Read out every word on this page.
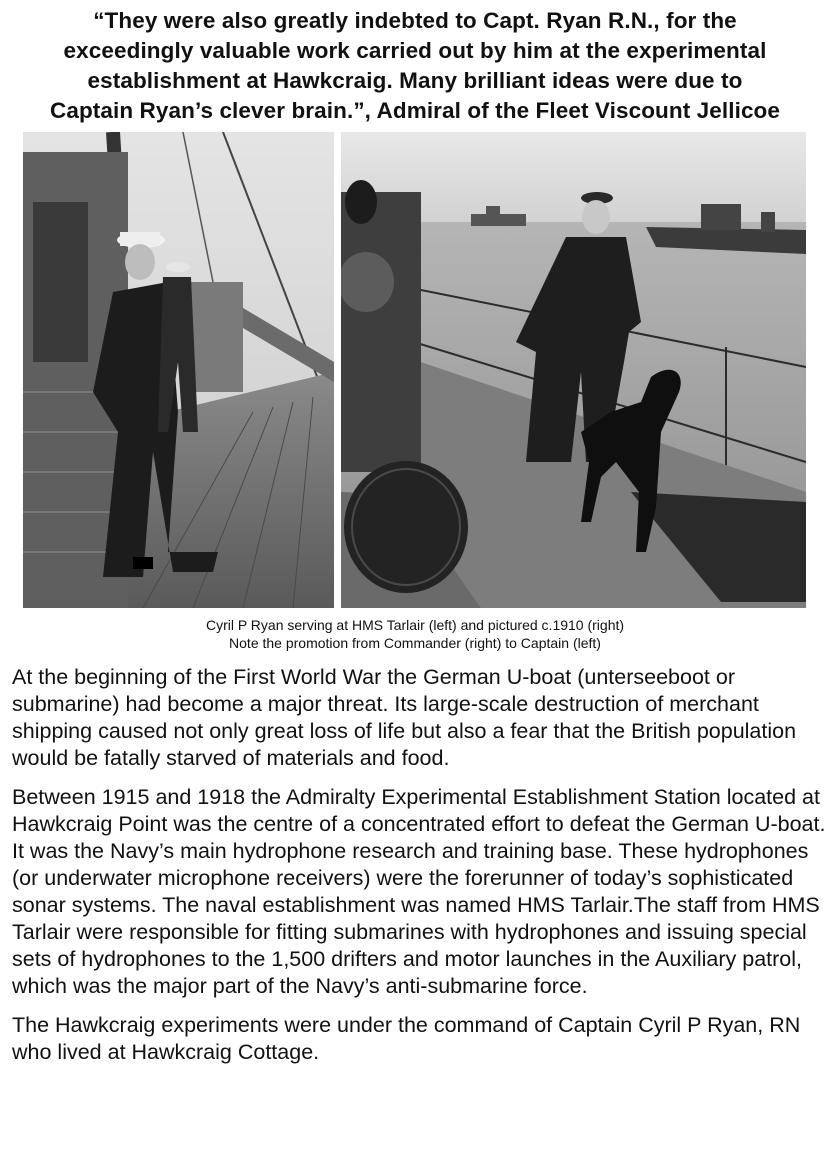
“They were also greatly indebted to Capt. Ryan R.N., for the
exceedingly valuable work carried out by him at the experimental
establishment at Hawkcraig. Many brilliant ideas were due to
Captain Ryan’s clever brain.”, Admiral of the Fleet Viscount Jellicoe
Cyril P Ryan serving at HMS Tarlair (left) and pictured c.1910 (right)
Note the promotion from Commander (right) to Captain (left)

At the beginning of the First World War the German U-boat (unterseeboot or submarine) had become a major threat. Its large-scale destruction of merchant shipping caused not only great loss of life but also a fear that the British population would be fatally starved of materials and food.

Between 1915 and 1918 the Admiralty Experimental Establishment Station located at Hawkcraig Point was the centre of a concentrated effort to defeat the German U-boat. It was the Navy’s main hydrophone research and training base. These hydrophones (or underwater microphone receivers) were the forerunner of today’s sophisticated sonar systems. The naval establishment was named HMS Tarlair.The staff from HMS Tarlair were responsible for fitting submarines with hydrophones and issuing special sets of hydrophones to the 1,500 drifters and motor launches in the Auxiliary patrol, which was the major part of the Navy’s anti-submarine force.

The Hawkcraig experiments were under the command of Captain Cyril P Ryan, RN who lived at Hawkcraig Cottage.
